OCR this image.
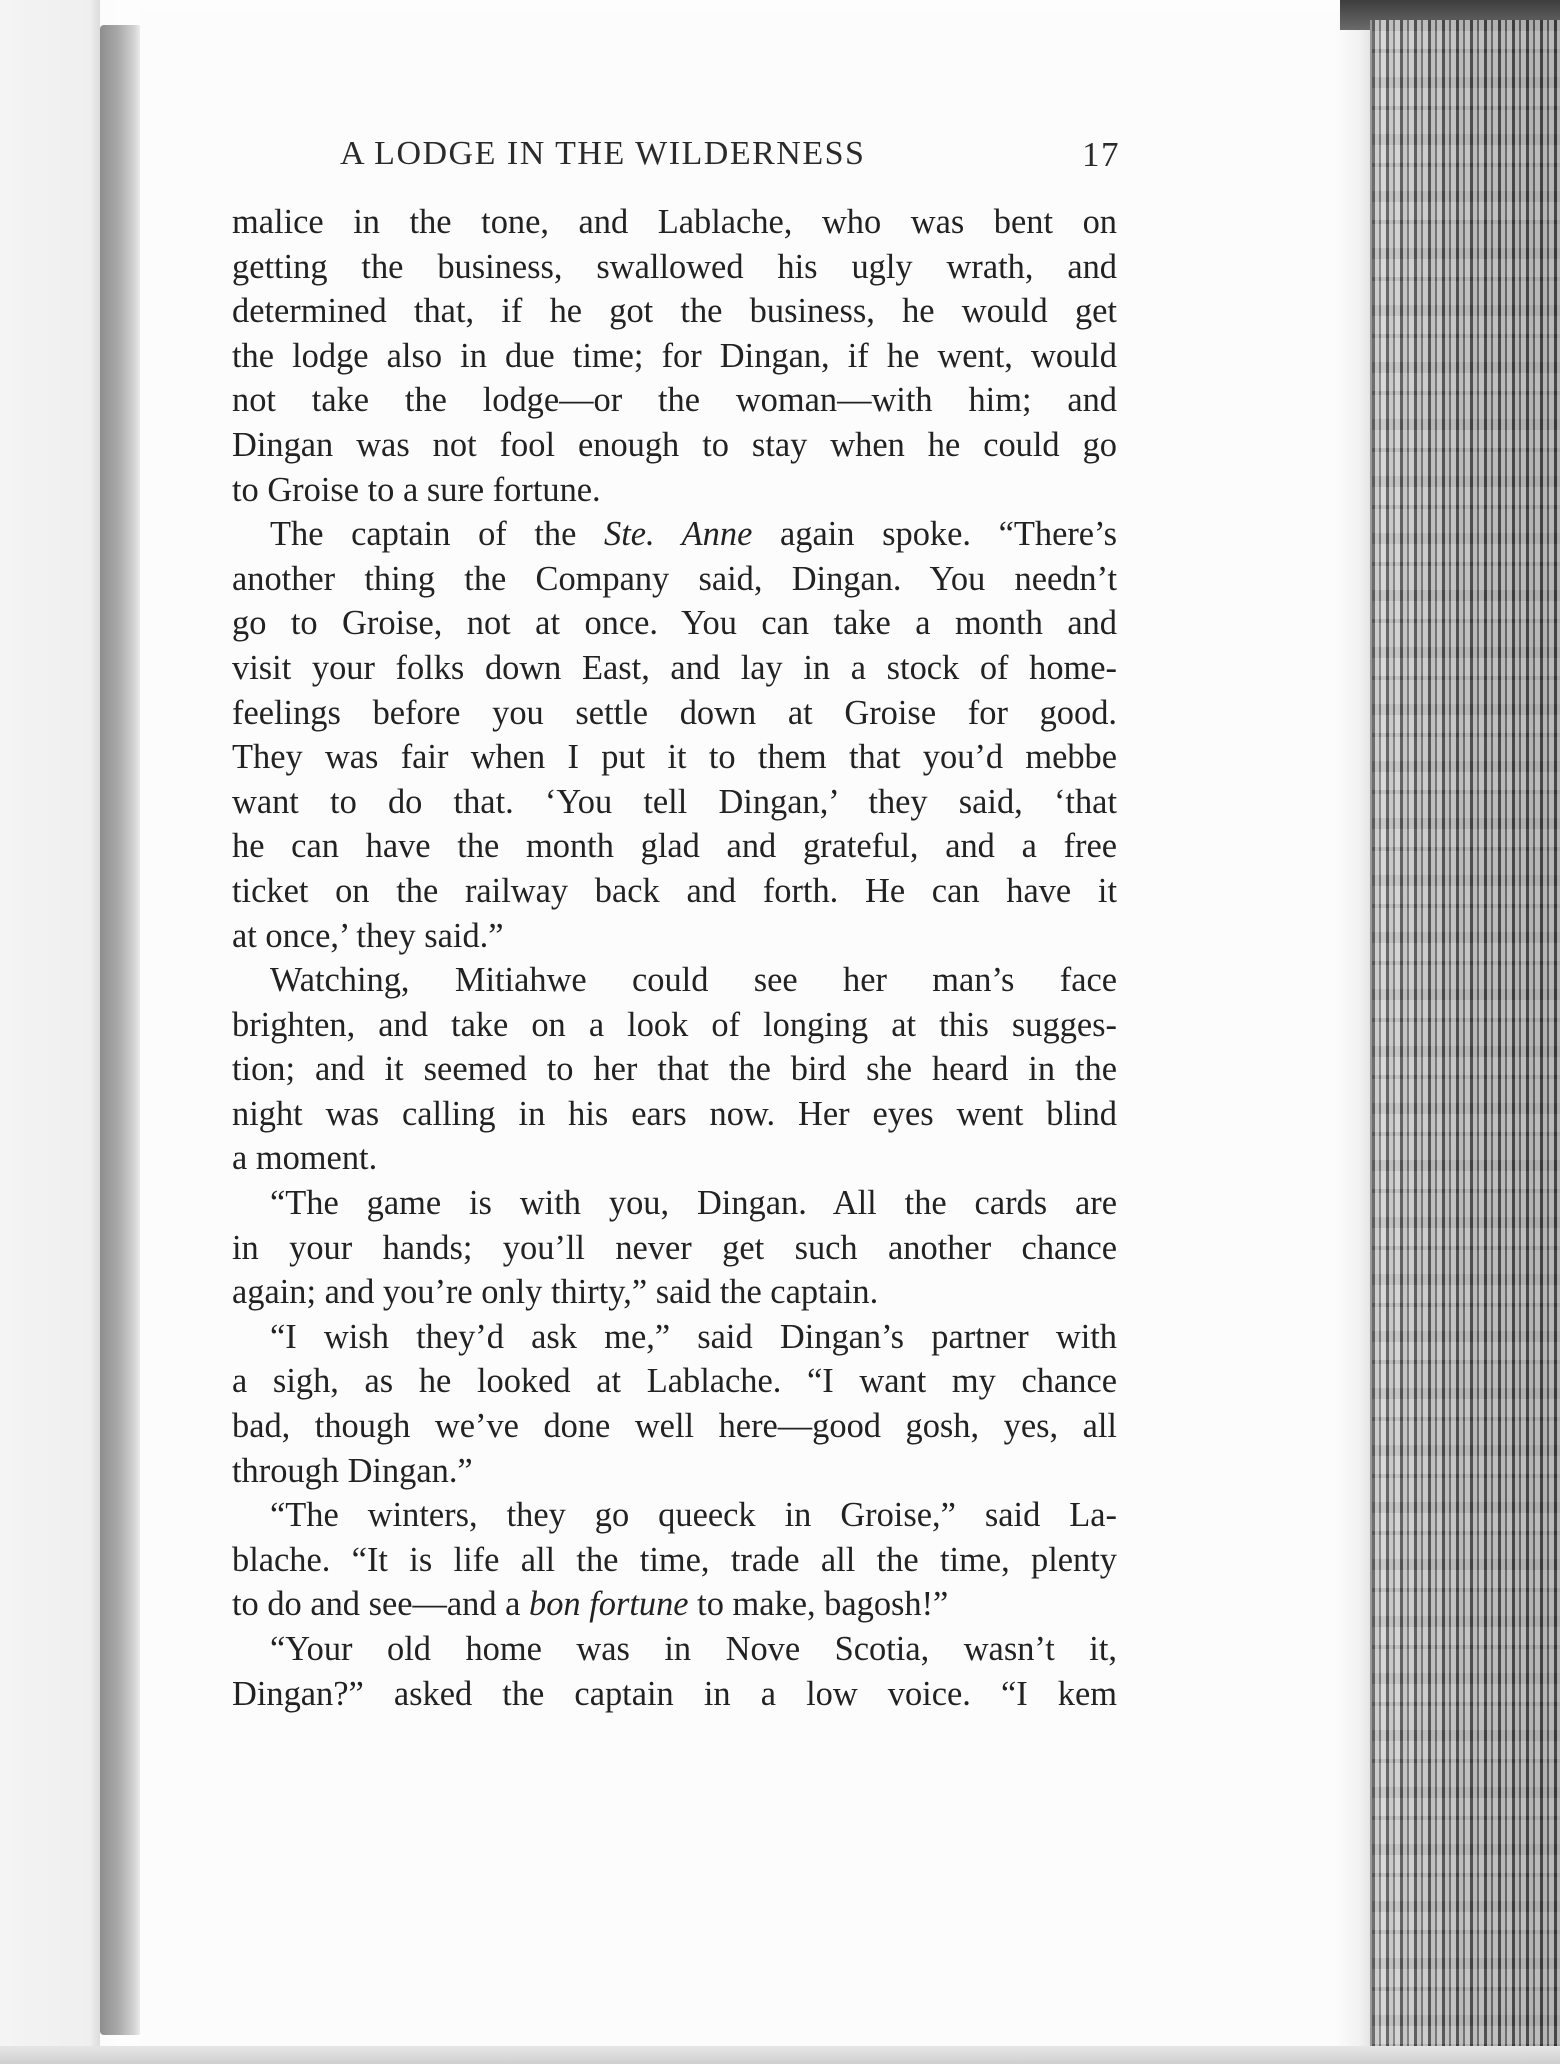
A LODGE IN THE WILDERNESS	17
malice in the tone, and Lablache, who was bent on
getting the business, swallowed his ugly wrath, and
determined that, if he got the business, he would get
the lodge also in due time; for Dingan, if he went, would
not take the lodge—or the woman—with him; and
Dingan was not fool enough to stay when he could go
to Groise to a sure fortune.
The captain of the Ste. Anne again spoke. “There’s
another thing the Company said, Dingan. You needn’t
go to Groise, not at once. You can take a month and
visit your folks down East, and lay in a stock of home-
feelings before you settle down at Groise for good.
They was fair when I put it to them that you’d mebbe
want to do that. ‘You tell Dingan,’ they said, ‘that
he can have the month glad and grateful, and a free
ticket on the railway back and forth. He can have it
at once,’ they said.”
Watching, Mitiahwe could see her man’s face
brighten, and take on a look of longing at this sugges-
tion; and it seemed to her that the bird she heard in the
night was calling in his ears now. Her eyes went blind
a moment.
“The game is with you, Dingan. All the cards are
in your hands; you’ll never get such another chance
again; and you’re only thirty,” said the captain.
“I wish they’d ask me,” said Dingan’s partner with
a sigh, as he looked at Lablache. “I want my chance
bad, though we’ve done well here—good gosh, yes, all
through Dingan.”
“The winters, they go queeck in Groise,” said La-
blache. “It is life all the time, trade all the time, plenty
to do and see—and a bon fortune to make, bagosh!”
“Your old home was in Nove Scotia, wasn’t it,
Dingan?” asked the captain in a low voice. “I kem
